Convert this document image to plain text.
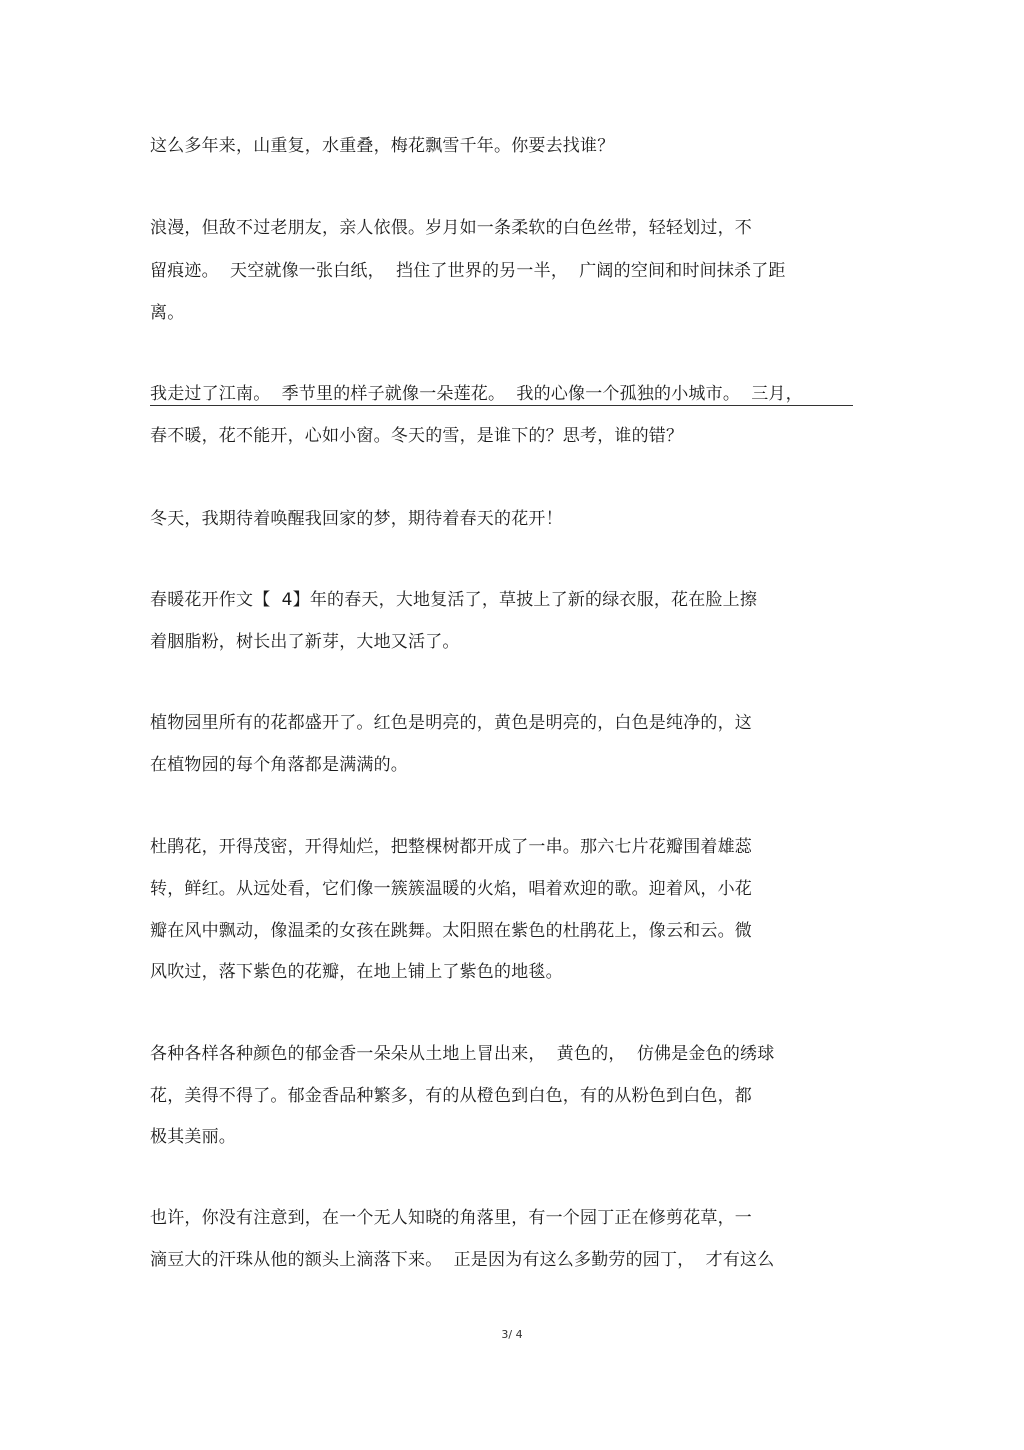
这么多年来，山重复，水重叠，梅花飘雪千年。你要去找谁？
浪漫，但敌不过老朋友，亲人依偎。岁月如一条柔软的白色丝带，轻轻划过，不
留痕迹。  天空就像一张白纸，  挡住了世界的另一半，  广阔的空间和时间抹杀了距
离。
我走过了江南。  季节里的样子就像一朵莲花。  我的心像一个孤独的小城市。  三月，
春不暖，花不能开，心如小窗。冬天的雪，是谁下的？思考，谁的错？
冬天，我期待着唤醒我回家的梦，期待着春天的花开！
春暖花开作文【  4】年的春天，大地复活了，草披上了新的绿衣服，花在脸上擦
着胭脂粉，树长出了新芽，大地又活了。
植物园里所有的花都盛开了。红色是明亮的，黄色是明亮的，白色是纯净的，这
在植物园的每个角落都是满满的。
杜鹃花，开得茂密，开得灿烂，把整棵树都开成了一串。那六七片花瓣围着雄蕊
转，鲜红。从远处看，它们像一簇簇温暖的火焰，唱着欢迎的歌。迎着风，小花
瓣在风中飘动，像温柔的女孩在跳舞。太阳照在紫色的杜鹃花上，像云和云。微
风吹过，落下紫色的花瓣，在地上铺上了紫色的地毯。
各种各样各种颜色的郁金香一朵朵从土地上冒出来，  黄色的，  仿佛是金色的绣球
花，美得不得了。郁金香品种繁多，有的从橙色到白色，有的从粉色到白色，都
极其美丽。
也许，你没有注意到，在一个无人知晓的角落里，有一个园丁正在修剪花草，一
滴豆大的汗珠从他的额头上滴落下来。  正是因为有这么多勤劳的园丁，  才有这么
3/ 4
